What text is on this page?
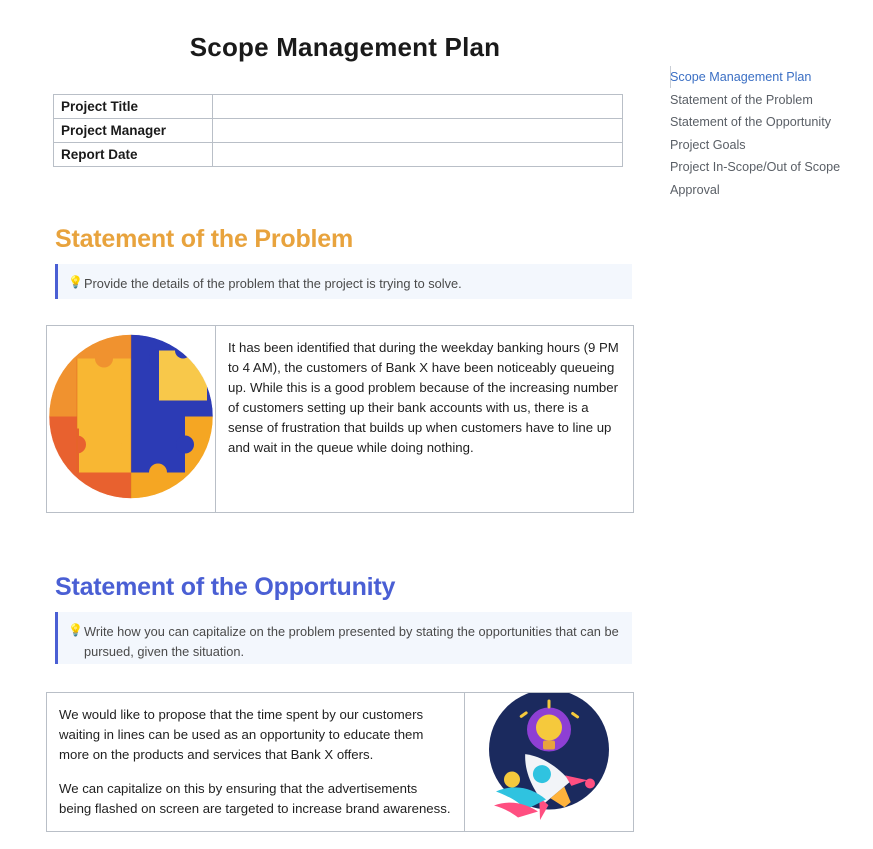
Scope Management Plan
Project Title	
Project Manager	
Report Date	
Statement of the Problem
💡 Provide the details of the problem that the project is trying to solve.

It has been identified that during the weekday banking hours (9 PM to 4 AM), the customers of Bank X have been noticeably queueing up. While this is a good problem because of the increasing number of customers setting up their bank accounts with us, there is a sense of frustration that builds up when customers have to line up and wait in the queue while doing nothing.

Statement of the Opportunity
💡 Write how you can capitalize on the problem presented by stating the opportunities that can be pursued, given the situation.

We would like to propose that the time spent by our customers waiting in lines can be used as an opportunity to educate them more on the products and services that Bank X offers.

We can capitalize on this by ensuring that the advertisements being flashed on screen are targeted to increase brand awareness.

Scope Management Plan
Statement of the Problem
Statement of the Opportunity
Project Goals
Project In-Scope/Out of Scope
Approval
